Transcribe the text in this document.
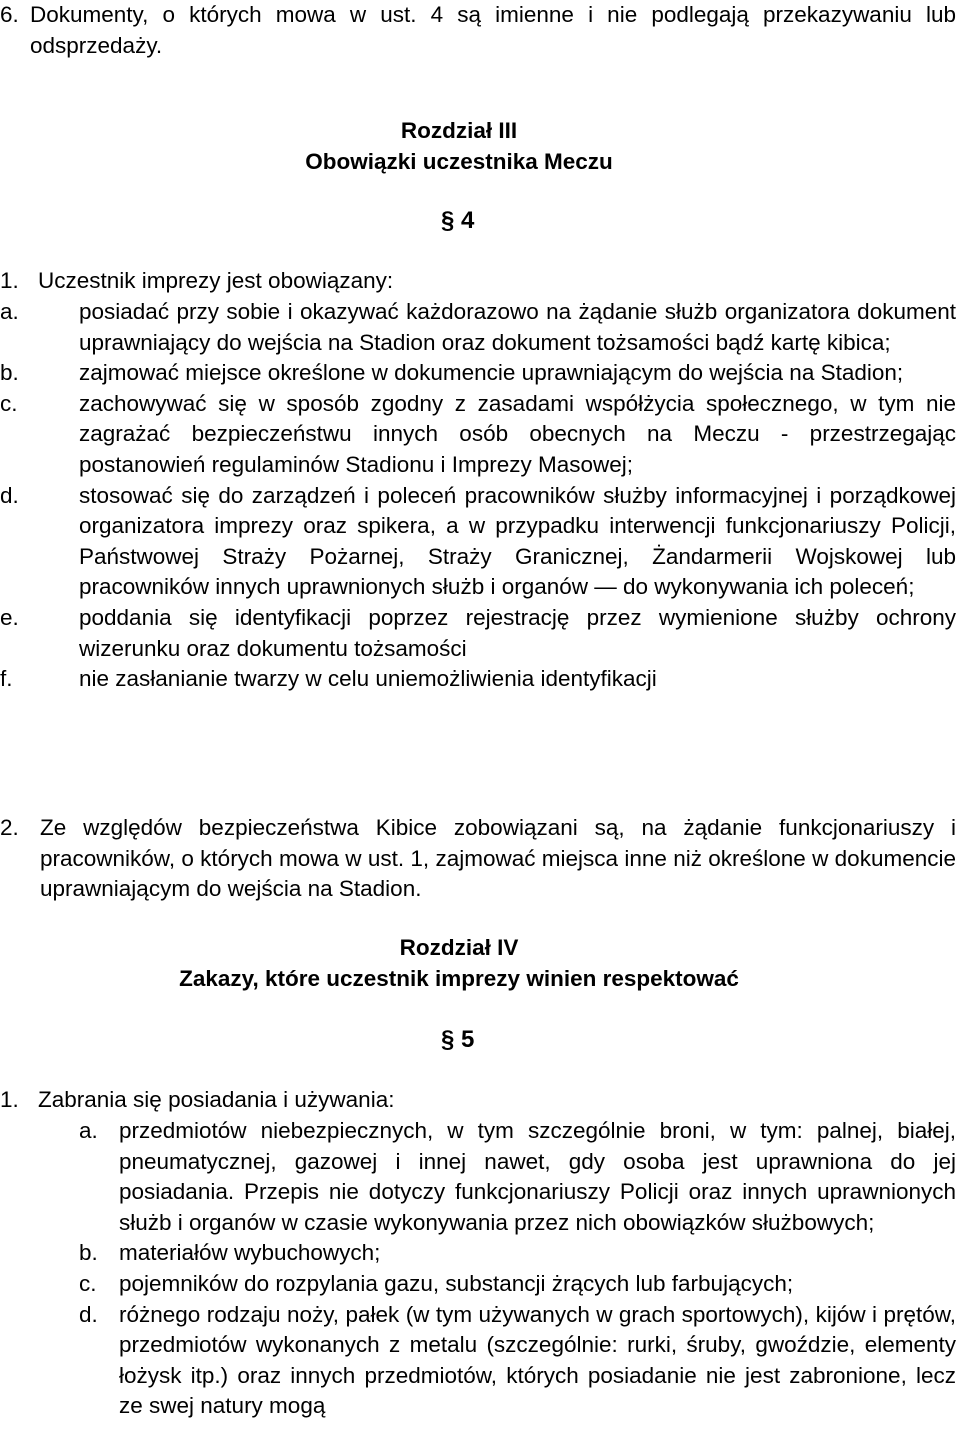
6. Dokumenty, o których mowa w ust. 4 są imienne i nie podlegają przekazywaniu lub odsprzedaży.
Rozdział III
Obowiązki uczestnika Meczu
§ 4
1. Uczestnik imprezy jest obowiązany:
a.	posiadać przy sobie i okazywać każdorazowo na żądanie służb organizatora dokument uprawniający do wejścia na Stadion oraz dokument tożsamości bądź kartę kibica;
b.	zajmować miejsce określone w dokumencie uprawniającym do wejścia na Stadion;
c.	zachowywać się w sposób zgodny z zasadami współżycia społecznego, w tym nie zagrażać bezpieczeństwu innych osób obecnych na Meczu - przestrzegając postanowień regulaminów Stadionu i Imprezy Masowej;
d.	stosować się do zarządzeń i poleceń pracowników służby informacyjnej i porządkowej organizatora imprezy oraz spikera, a w przypadku interwencji funkcjonariuszy Policji, Państwowej Straży Pożarnej, Straży Granicznej, Żandarmerii Wojskowej lub pracowników innych uprawnionych służb i organów — do wykonywania ich poleceń;
e.	poddania się identyfikacji poprzez rejestrację przez wymienione służby ochrony wizerunku oraz dokumentu tożsamości
f.	nie zasłanianie twarzy w celu uniemożliwienia identyfikacji
2. Ze względów bezpieczeństwa Kibice zobowiązani są, na żądanie funkcjonariuszy i pracowników, o których mowa w ust. 1, zajmować miejsca inne niż określone w dokumencie uprawniającym do wejścia na Stadion.
Rozdział IV
Zakazy, które uczestnik imprezy winien respektować
§ 5
1. Zabrania się posiadania i używania:
a. przedmiotów niebezpiecznych, w tym szczególnie broni, w tym: palnej, białej, pneumatycznej, gazowej i innej nawet, gdy osoba jest uprawniona do jej posiadania. Przepis nie dotyczy funkcjonariuszy Policji oraz innych uprawnionych służb i organów w czasie wykonywania przez nich obowiązków służbowych;
b. materiałów wybuchowych;
c. pojemników do rozpylania gazu, substancji żrących lub farbujących;
d. różnego rodzaju noży, pałek (w tym używanych w grach sportowych), kijów i prętów, przedmiotów wykonanych z metalu (szczególnie: rurki, śruby, gwoździe, elementy łożysk itp.) oraz innych przedmiotów, których posiadanie nie jest zabronione, lecz ze swej natury mogą
